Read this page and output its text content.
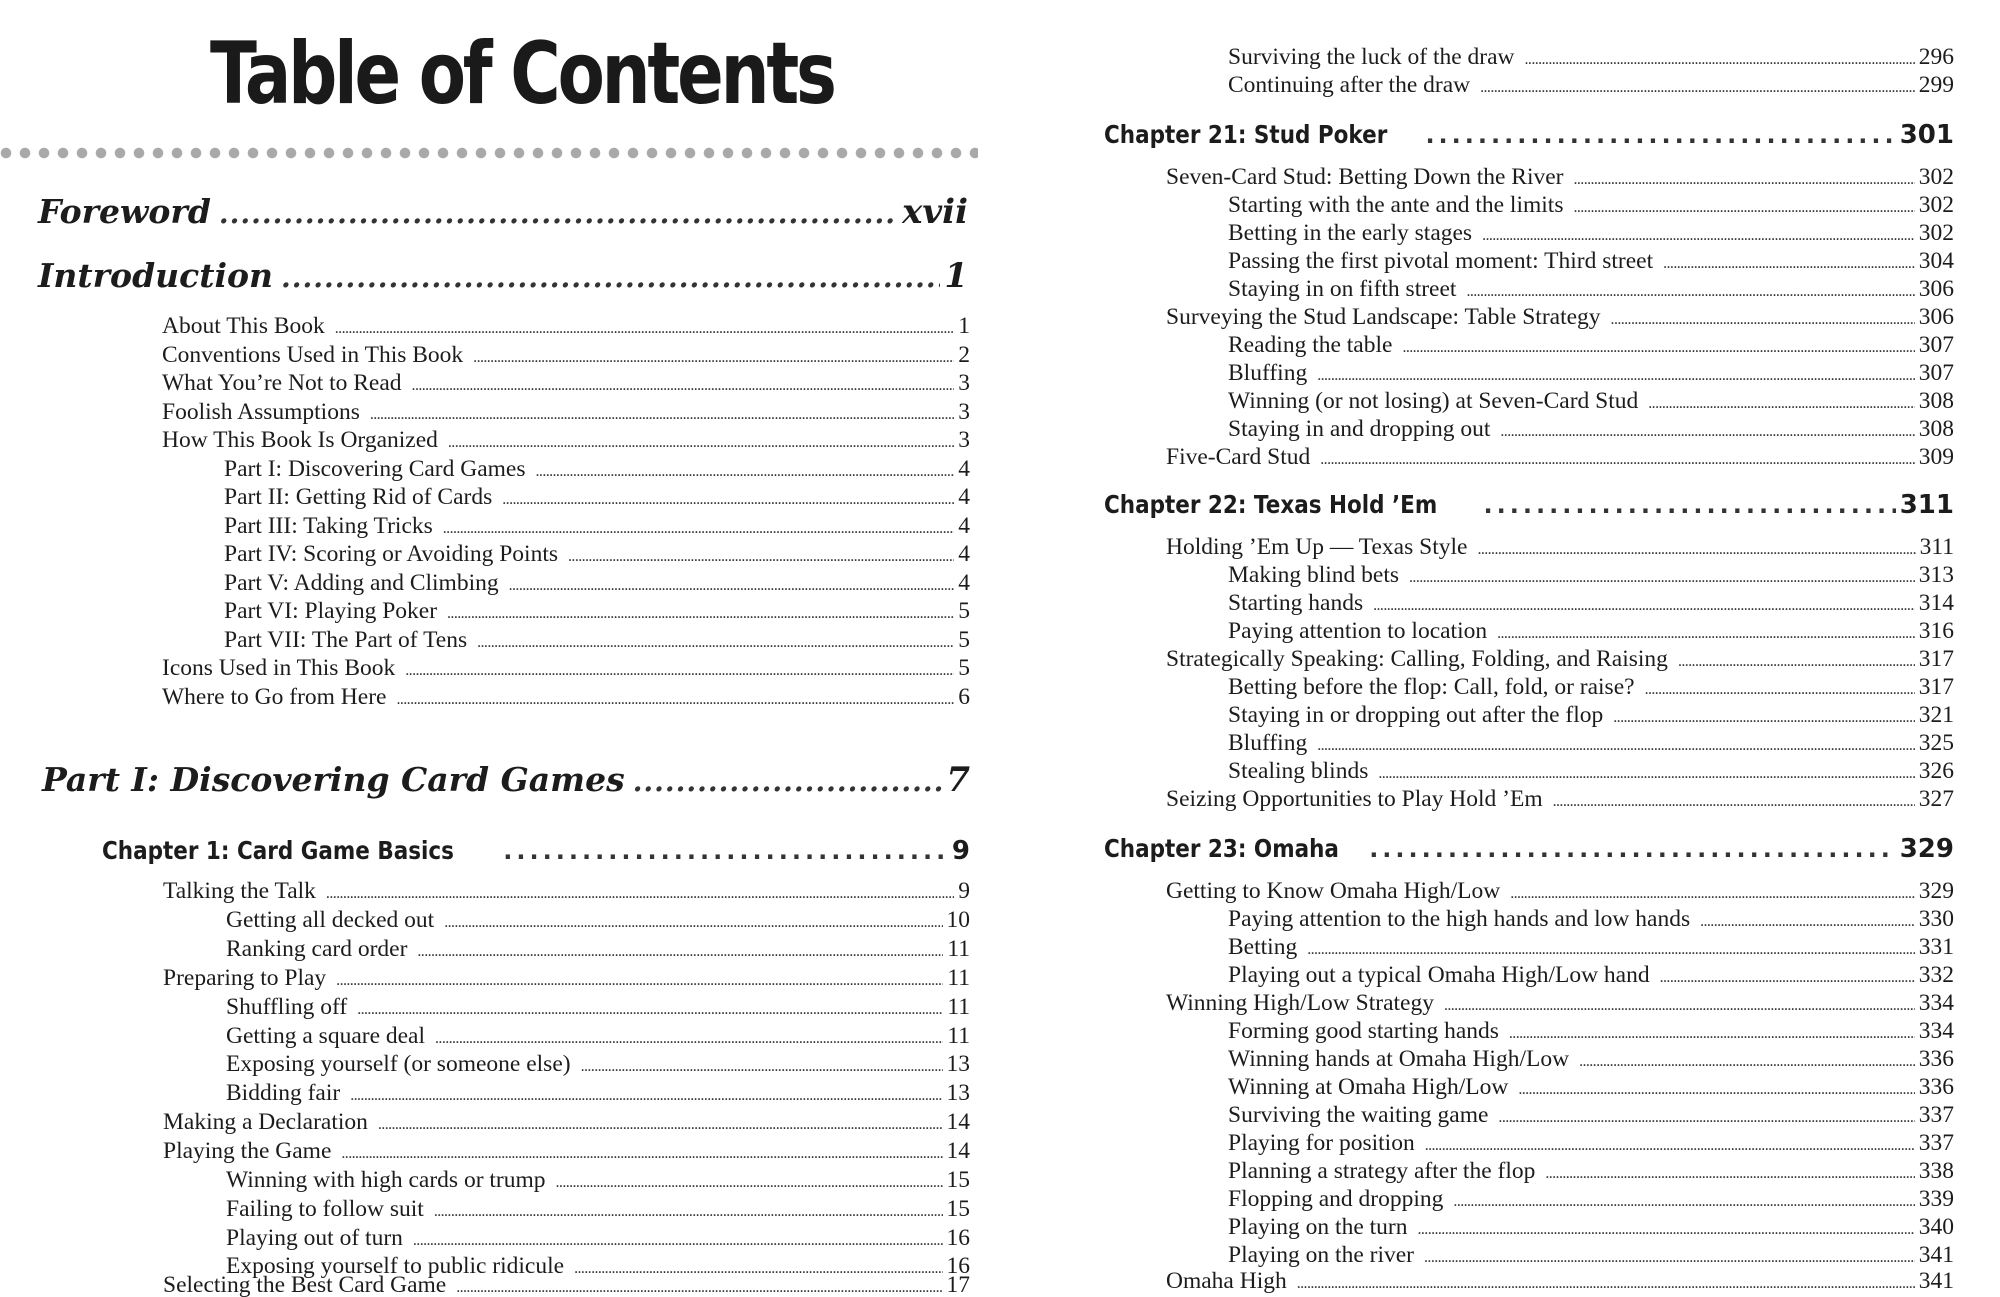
Table of Contents
Foreword .....	xvii
Introduction .....	1
About This Book .....	1
Conventions Used in This Book .....	2
What You’re Not to Read .....	3
Foolish Assumptions .....	3
How This Book Is Organized .....	3
Part I: Discovering Card Games .....	4
Part II: Getting Rid of Cards .....	4
Part III: Taking Tricks .....	4
Part IV: Scoring or Avoiding Points .....	4
Part V: Adding and Climbing .....	4
Part VI: Playing Poker .....	5
Part VII: The Part of Tens .....	5
Icons Used in This Book .....	5
Where to Go from Here .....	6
Part I: Discovering Card Games .....	7
Chapter 1: Card Game Basics .....	9
Talking the Talk .....	9
Getting all decked out .....	10
Ranking card order .....	11
Preparing to Play .....	11
Shuffling off .....	11
Getting a square deal .....	11
Exposing yourself (or someone else) .....	13
Bidding fair .....	13
Making a Declaration .....	14
Playing the Game .....	14
Winning with high cards or trump .....	15
Failing to follow suit .....	15
Playing out of turn .....	16
Exposing yourself to public ridicule .....	16
Selecting the Best Card Game .....	17
Surviving the luck of the draw .....	296
Continuing after the draw .....	299
Chapter 21: Stud Poker .....	301
Seven-Card Stud: Betting Down the River .....	302
Starting with the ante and the limits .....	302
Betting in the early stages .....	302
Passing the first pivotal moment: Third street .....	304
Staying in on fifth street .....	306
Surveying the Stud Landscape: Table Strategy .....	306
Reading the table .....	307
Bluffing .....	307
Winning (or not losing) at Seven-Card Stud .....	308
Staying in and dropping out .....	308
Five-Card Stud .....	309
Chapter 22: Texas Hold ’Em .....	311
Holding ’Em Up — Texas Style .....	311
Making blind bets .....	313
Starting hands .....	314
Paying attention to location .....	316
Strategically Speaking: Calling, Folding, and Raising .....	317
Betting before the flop: Call, fold, or raise? .....	317
Staying in or dropping out after the flop .....	321
Bluffing .....	325
Stealing blinds .....	326
Seizing Opportunities to Play Hold ’Em .....	327
Chapter 23: Omaha .....	329
Getting to Know Omaha High/Low .....	329
Paying attention to the high hands and low hands .....	330
Betting .....	331
Playing out a typical Omaha High/Low hand .....	332
Winning High/Low Strategy .....	334
Forming good starting hands .....	334
Winning hands at Omaha High/Low .....	336
Winning at Omaha High/Low .....	336
Surviving the waiting game .....	337
Playing for position .....	337
Planning a strategy after the flop .....	338
Flopping and dropping .....	339
Playing on the turn .....	340
Playing on the river .....	341
Omaha High .....	341
